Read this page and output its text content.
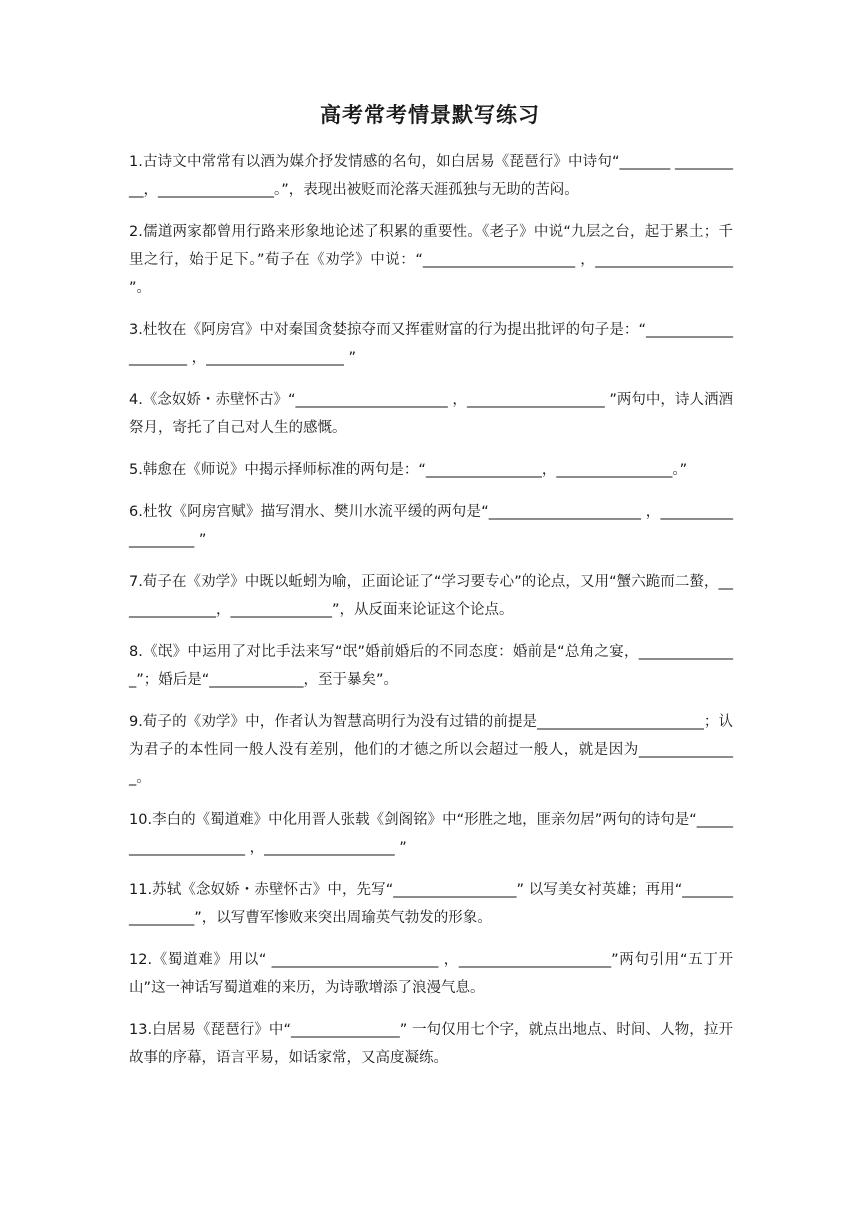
高考常考情景默写练习

1.古诗文中常常有以酒为媒介抒发情感的名句，如白居易《琵琶行》中诗句“_______ __________，________________。”，表现出被贬而沦落天涯孤独与无助的苦闷。

2.儒道两家都曾用行路来形象地论述了积累的重要性。《老子》中说“九层之台，起于累土；千里之行，始于足下。”荀子在《劝学》中说：“_____________________ ，___________________ ”。

3.杜牧在《阿房宫》中对秦国贪婪掠夺而又挥霍财富的行为提出批评的句子是：“____________________ ，___________________ ”

4.《念奴娇・赤壁怀古》“_____________________ ，___________________ ”两句中，诗人洒酒祭月，寄托了自己对人生的感慨。

5.韩愈在《师说》中揭示择师标准的两句是：“________________，________________。”

6.杜牧《阿房宫赋》描写渭水、樊川水流平缓的两句是“_____________________ ，___________________ ”

7.荀子在《劝学》中既以蚯蚓为喻，正面论证了“学习要专心”的论点，又用“蟹六跪而二螯，______________，______________”，从反面来论证这个论点。

8.《氓》中运用了对比手法来写“氓”婚前婚后的不同态度：婚前是“总角之宴，______________”；婚后是“_____________，至于暴矣”。

9.荀子的《劝学》中，作者认为智慧高明行为没有过错的前提是_______________________；认为君子的本性同一般人没有差别，他们的才德之所以会超过一般人，就是因为______________。

10.李白的《蜀道难》中化用晋人张载《剑阁铭》中“形胜之地，匪亲勿居”两句的诗句是“_____________________ ，__________________ ”

11.苏轼《念奴娇・赤壁怀古》中，先写“_________________” 以写美女衬英雄；再用“________________”，以写曹军惨败来突出周瑜英气勃发的形象。

12.《蜀道难》用以“ _______________________ ，_____________________”两句引用“五丁开山”这一神话写蜀道难的来历，为诗歌增添了浪漫气息。

13.白居易《琵琶行》中“_______________” 一句仅用七个字，就点出地点、时间、人物，拉开故事的序幕，语言平易，如话家常，又高度凝练。
